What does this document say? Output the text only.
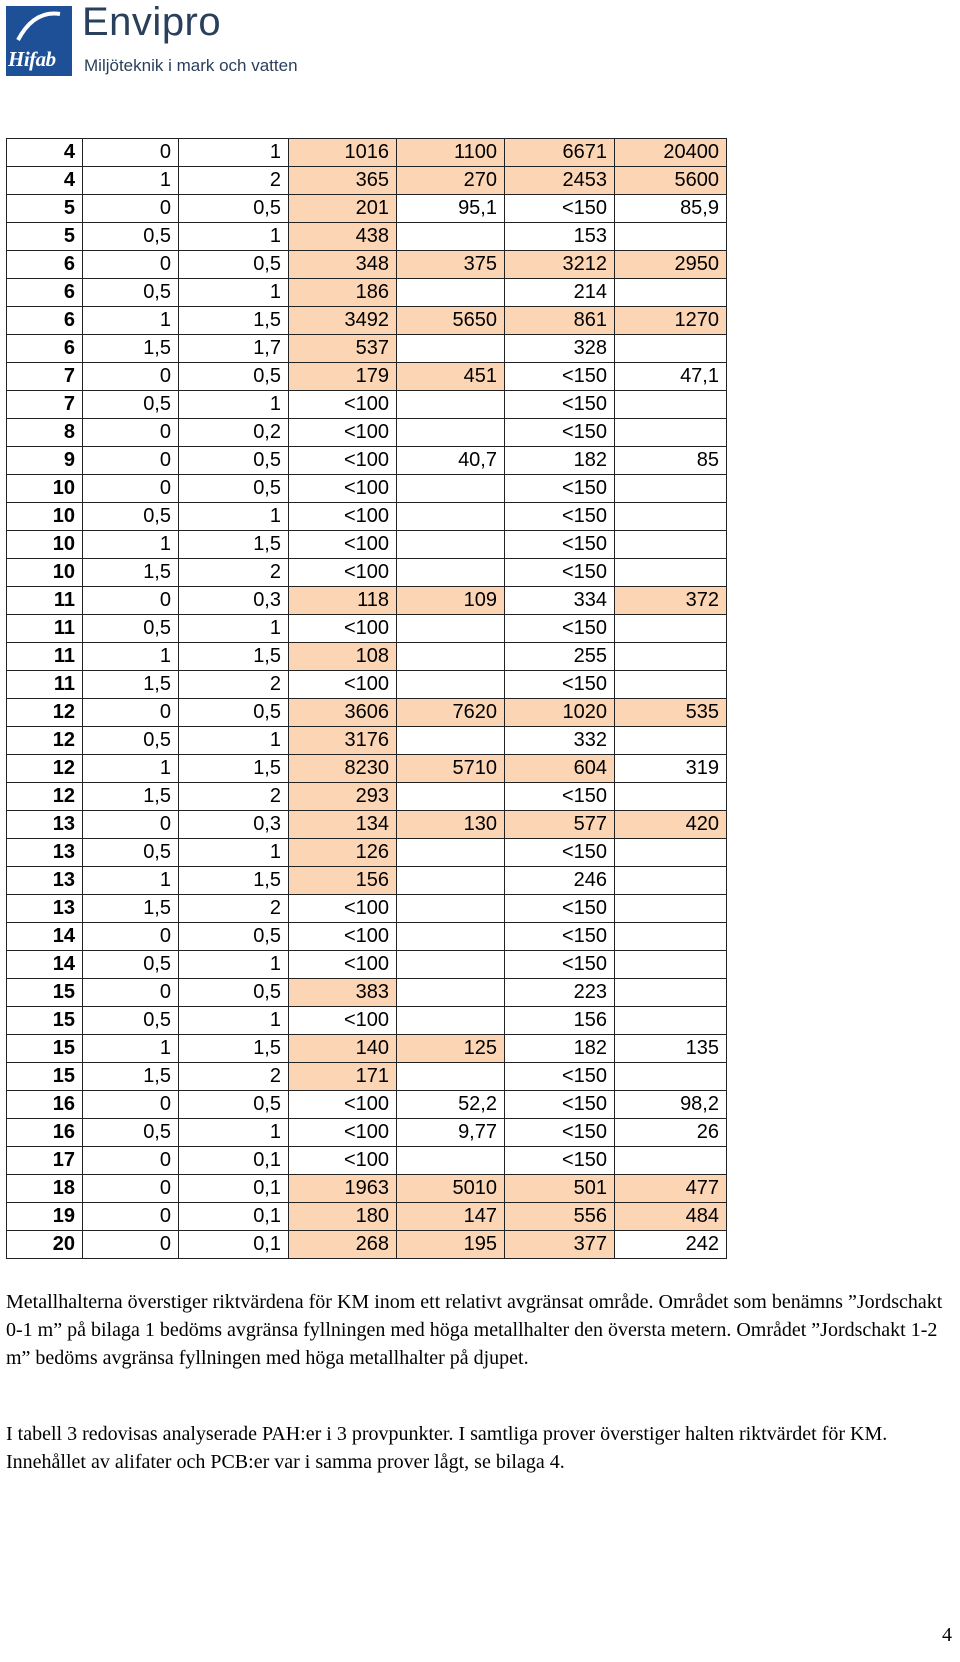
Hifab
Envipro
Miljöteknik i mark och vatten
4	0	1	1016	1100	6671	20400
4	1	2	365	270	2453	5600
5	0	0,5	201	95,1	<150	85,9
5	0,5	1	438		153	
6	0	0,5	348	375	3212	2950
6	0,5	1	186		214	
6	1	1,5	3492	5650	861	1270
6	1,5	1,7	537		328	
7	0	0,5	179	451	<150	47,1
7	0,5	1	<100		<150	
8	0	0,2	<100		<150	
9	0	0,5	<100	40,7	182	85
10	0	0,5	<100		<150	
10	0,5	1	<100		<150	
10	1	1,5	<100		<150	
10	1,5	2	<100		<150	
11	0	0,3	118	109	334	372
11	0,5	1	<100		<150	
11	1	1,5	108		255	
11	1,5	2	<100		<150	
12	0	0,5	3606	7620	1020	535
12	0,5	1	3176		332	
12	1	1,5	8230	5710	604	319
12	1,5	2	293		<150	
13	0	0,3	134	130	577	420
13	0,5	1	126		<150	
13	1	1,5	156		246	
13	1,5	2	<100		<150	
14	0	0,5	<100		<150	
14	0,5	1	<100		<150	
15	0	0,5	383		223	
15	0,5	1	<100		156	
15	1	1,5	140	125	182	135
15	1,5	2	171		<150	
16	0	0,5	<100	52,2	<150	98,2
16	0,5	1	<100	9,77	<150	26
17	0	0,1	<100		<150	
18	0	0,1	1963	5010	501	477
19	0	0,1	180	147	556	484
20	0	0,1	268	195	377	242

Metallhalterna överstiger riktvärdena för KM inom ett relativt avgränsat område. Området som benämns ”Jordschakt 0-1 m” på bilaga 1 bedöms avgränsa fyllningen med höga metallhalter den översta metern. Området ”Jordschakt 1-2 m” bedöms avgränsa fyllningen med höga metallhalter på djupet.

I tabell 3 redovisas analyserade PAH:er i 3 provpunkter. I samtliga prover överstiger halten riktvärdet för KM. Innehållet av alifater och PCB:er var i samma prover lågt, se bilaga 4.

4
